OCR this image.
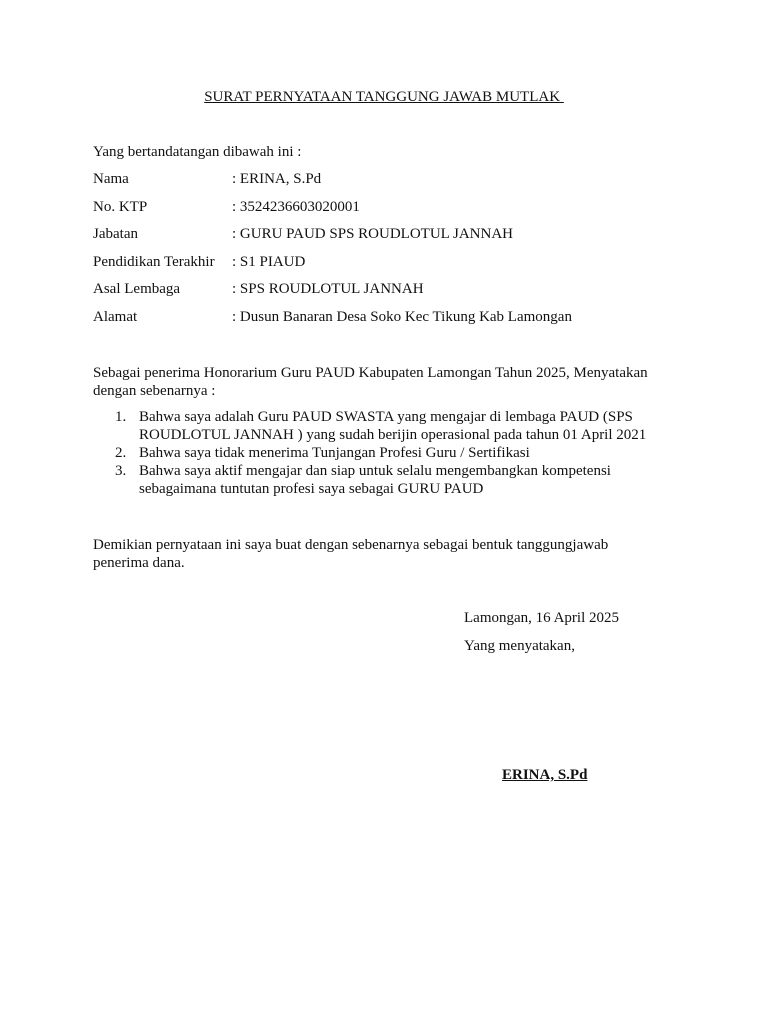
SURAT PERNYATAAN TANGGUNG JAWAB MUTLAK
Yang bertandatangan dibawah ini :
Nama	: ERINA, S.Pd
No. KTP	: 3524236603020001
Jabatan	: GURU PAUD SPS ROUDLOTUL JANNAH
Pendidikan Terakhir : S1 PIAUD
Asal Lembaga	: SPS ROUDLOTUL JANNAH
Alamat	: Dusun Banaran Desa Soko Kec Tikung Kab Lamongan
Sebagai penerima Honorarium Guru PAUD Kabupaten Lamongan Tahun 2025, Menyatakan dengan sebenarnya :
1. Bahwa saya adalah Guru PAUD SWASTA yang mengajar di lembaga PAUD (SPS ROUDLOTUL JANNAH ) yang sudah berijin operasional pada tahun 01 April 2021
2. Bahwa saya tidak menerima Tunjangan Profesi Guru / Sertifikasi
3. Bahwa saya aktif mengajar dan siap untuk selalu mengembangkan kompetensi sebagaimana tuntutan profesi saya sebagai GURU PAUD
Demikian pernyataan ini saya buat dengan sebenarnya sebagai bentuk tanggungjawab penerima dana.
Lamongan, 16 April 2025
Yang menyatakan,
ERINA, S.Pd
